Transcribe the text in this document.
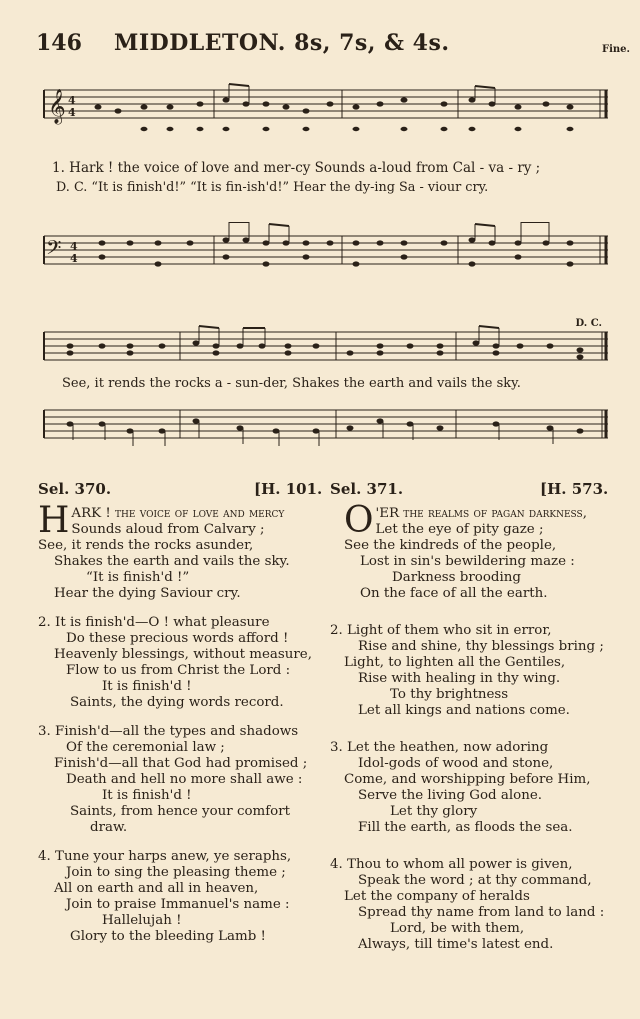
146 MIDDLETON. 8s, 7s, & 4s.	Fine.
𝄞 4
4
1. Hark ! the voice of love and mer-cy Sounds a-loud from Cal - va - ry ;
D. C. “It is finish'd!” “It is fin-ish'd!” Hear the dy-ing Sa - viour cry.
𝄢 4
4
D. C.
See, it rends the rocks a - sun-der, Shakes the earth and vails the sky.
Sel. 370.	[H. 101. Sel. 371.	[H. 573.
H ARK ! the voice of love and mercy
Sounds aloud from Calvary ;
See, it rends the rocks asunder,
Shakes the earth and vails the sky.
“It is finish'd !”
Hear the dying Saviour cry.
2. It is finish'd—O ! what pleasure
Do these precious words afford !
Heavenly blessings, without measure,
Flow to us from Christ the Lord :
It is finish'd !
Saints, the dying words record.
3. Finish'd—all the types and shadows
Of the ceremonial law ;
Finish'd—all that God had promised ;
Death and hell no more shall awe :
It is finish'd !
Saints, from hence your comfort
draw.
4. Tune your harps anew, ye seraphs,
Join to sing the pleasing theme ;
All on earth and all in heaven,
Join to praise Immanuel's name :
Hallelujah !
Glory to the bleeding Lamb !
O 'ER the realms of pagan darkness,
Let the eye of pity gaze ;
See the kindreds of the people,
Lost in sin's bewildering maze :
Darkness brooding
On the face of all the earth.
2. Light of them who sit in error,
Rise and shine, thy blessings bring ;
Light, to lighten all the Gentiles,
Rise with healing in thy wing.
To thy brightness
Let all kings and nations come.
3. Let the heathen, now adoring
Idol-gods of wood and stone,
Come, and worshipping before Him,
Serve the living God alone.
Let thy glory
Fill the earth, as floods the sea.
4. Thou to whom all power is given,
Speak the word ; at thy command,
Let the company of heralds
Spread thy name from land to land :
Lord, be with them,
Always, till time's latest end.
